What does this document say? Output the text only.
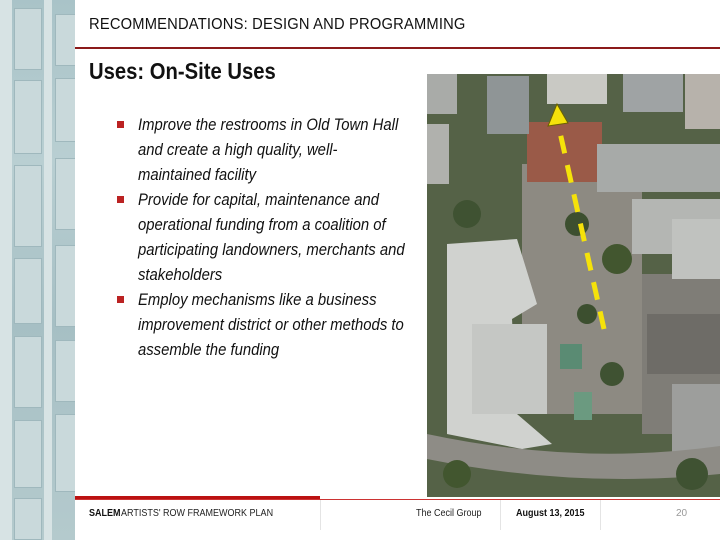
RECOMMENDATIONS: DESIGN AND PROGRAMMING
Uses: On-Site Uses
Improve the restrooms in Old Town Hall and create a high quality, well-maintained facility
Provide for capital, maintenance and operational funding from a coalition of participating landowners, merchants and stakeholders
Employ mechanisms like a business improvement district or other methods to assemble the funding
SALEM ARTISTS' ROW FRAMEWORK PLAN	The Cecil Group	August 13, 2015	20
